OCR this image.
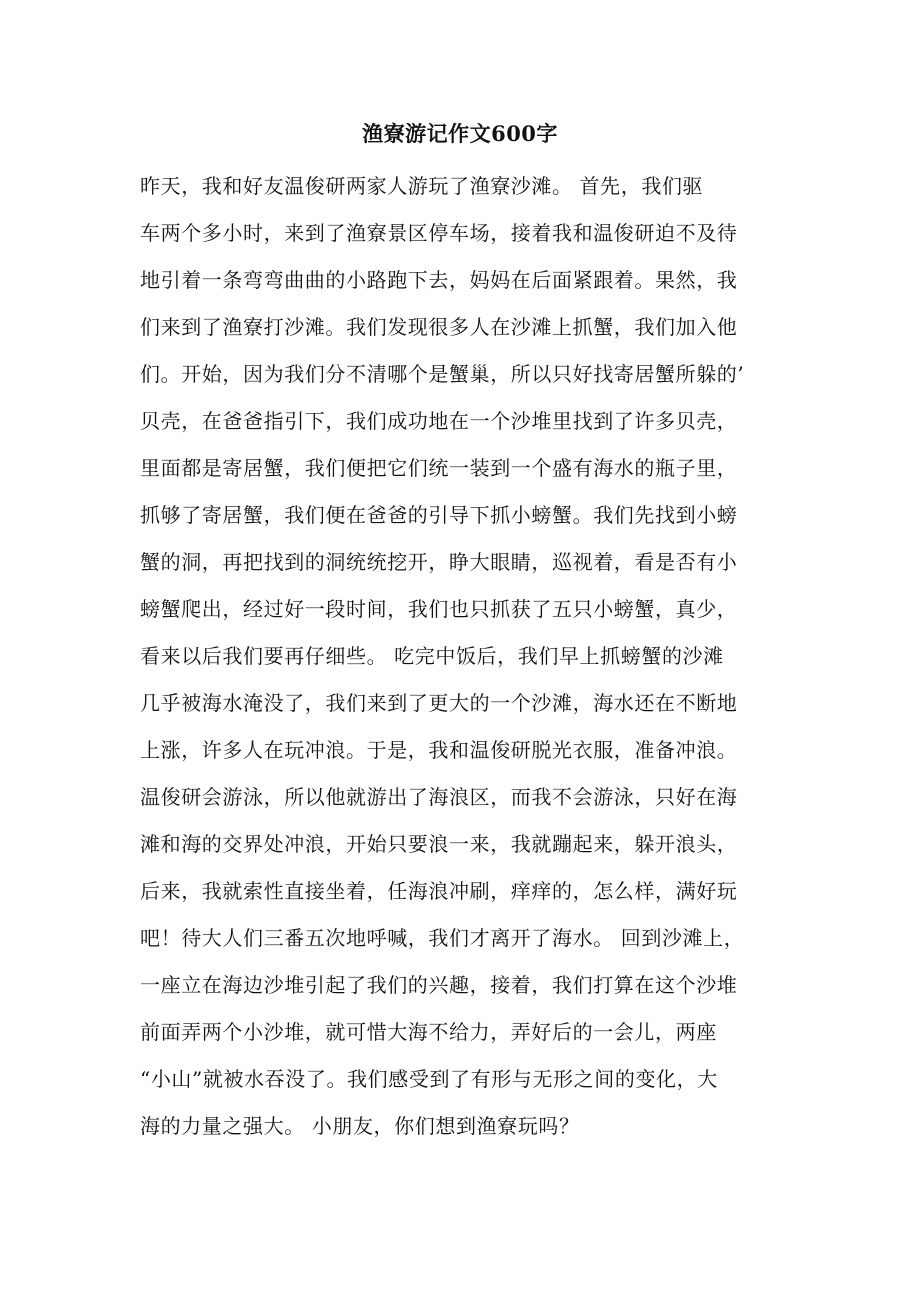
渔寮游记作文600字
昨天，我和好友温俊研两家人游玩了渔寮沙滩。 首先，我们驱
车两个多小时，来到了渔寮景区停车场，接着我和温俊研迫不及待
地引着一条弯弯曲曲的小路跑下去，妈妈在后面紧跟着。果然，我
们来到了渔寮打沙滩。我们发现很多人在沙滩上抓蟹，我们加入他
们。开始，因为我们分不清哪个是蟹巢，所以只好找寄居蟹所躲的’
贝壳，在爸爸指引下，我们成功地在一个沙堆里找到了许多贝壳，
里面都是寄居蟹，我们便把它们统一装到一个盛有海水的瓶子里，
抓够了寄居蟹，我们便在爸爸的引导下抓小螃蟹。我们先找到小螃
蟹的洞，再把找到的洞统统挖开，睁大眼睛，巡视着，看是否有小
螃蟹爬出，经过好一段时间，我们也只抓获了五只小螃蟹，真少，
看来以后我们要再仔细些。 吃完中饭后，我们早上抓螃蟹的沙滩
几乎被海水淹没了，我们来到了更大的一个沙滩，海水还在不断地
上涨，许多人在玩冲浪。于是，我和温俊研脱光衣服，准备冲浪。
温俊研会游泳，所以他就游出了海浪区，而我不会游泳，只好在海
滩和海的交界处冲浪，开始只要浪一来，我就蹦起来，躲开浪头，
后来，我就索性直接坐着，任海浪冲刷，痒痒的，怎么样，满好玩
吧！待大人们三番五次地呼喊，我们才离开了海水。 回到沙滩上，
一座立在海边沙堆引起了我们的兴趣，接着，我们打算在这个沙堆
前面弄两个小沙堆，就可惜大海不给力，弄好后的一会儿，两座
“小山”就被水吞没了。我们感受到了有形与无形之间的变化，大
海的力量之强大。 小朋友，你们想到渔寮玩吗？
